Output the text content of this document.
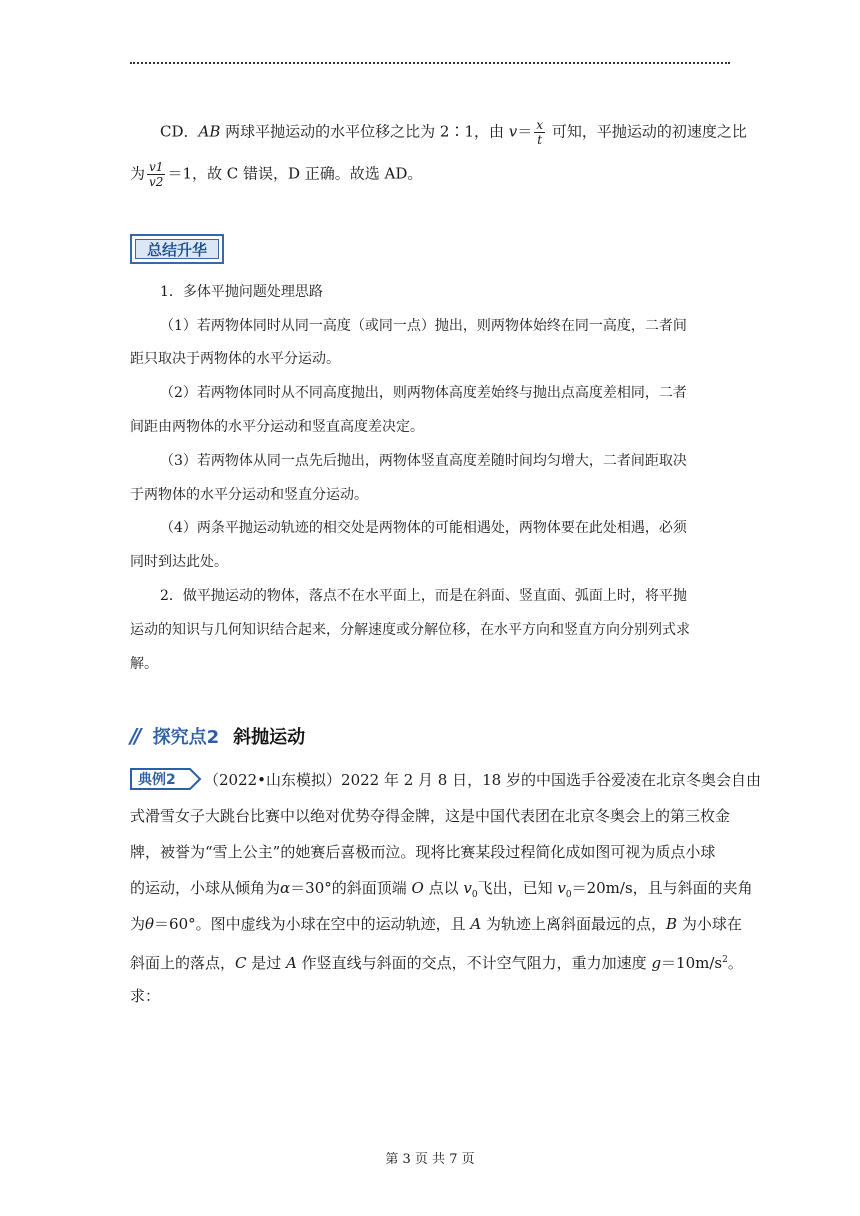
CD．AB 两球平抛运动的水平位移之比为 2∶1，由 $v= \frac{x}{t}$ 可知，平抛运动的初速度之比
为 $\frac{v1}{v2} =1$，故 C 错误，D 正确。故选 AD。
总结升华
1．多体平抛问题处理思路
（1）若两物体同时从同一高度（或同一点）抛出，则两物体始终在同一高度，二者间
距只取决于两物体的水平分运动。
（2）若两物体同时从不同高度抛出，则两物体高度差始终与抛出点高度差相同，二者
间距由两物体的水平分运动和竖直高度差决定。
（3）若两物体从同一点先后抛出，两物体竖直高度差随时间均匀增大，二者间距取决
于两物体的水平分运动和竖直分运动。
（4）两条平抛运动轨迹的相交处是两物体的可能相遇处，两物体要在此处相遇，必须
同时到达此处。
2．做平抛运动的物体，落点不在水平面上，而是在斜面、竖直面、弧面上时，将平抛
运动的知识与几何知识结合起来，分解速度或分解位移，在水平方向和竖直方向分别列式求
解。
// 探究点2 斜抛运动
典例2 （2022•山东模拟）2022 年 2 月 8 日，18 岁的中国选手谷爱凌在北京冬奥会自由
式滑雪女子大跳台比赛中以绝对优势夺得金牌，这是中国代表团在北京冬奥会上的第三枚金
牌，被誉为“雪上公主”的她赛后喜极而泣。现将比赛某段过程简化成如图可视为质点小球
的运动，小球从倾角为α＝30°的斜面顶端 O 点以 $v_0$飞出，已知 $v_0=20m/s$，且与斜面的夹角
为θ＝60°。图中虚线为小球在空中的运动轨迹，且 A 为轨迹上离斜面最远的点，B 为小球在
斜面上的落点，C 是过 A 作竖直线与斜面的交点，不计空气阻力，重力加速度 $g=10m/s^2$。
求：
第 3 页 共 7 页
